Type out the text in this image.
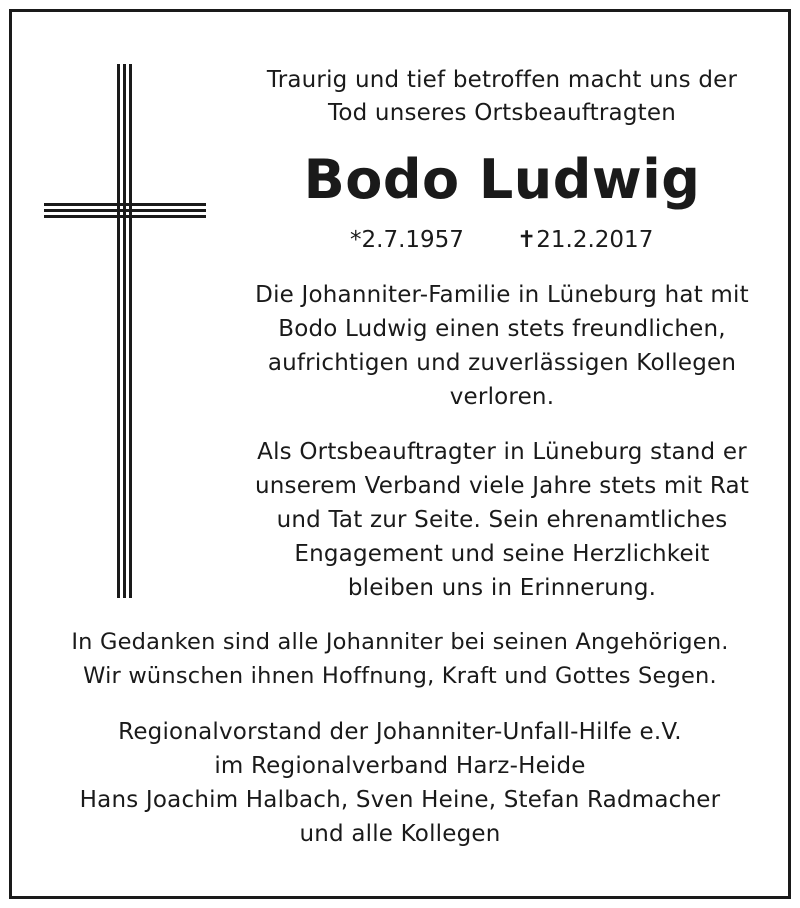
Traurig und tief betroffen macht uns der
Tod unseres Ortsbeauftragten
Bodo Ludwig
*2.7.1957 ✝21.2.2017
Die Johanniter-Familie in Lüneburg hat mit
Bodo Ludwig einen stets freundlichen,
aufrichtigen und zuverlässigen Kollegen
verloren.
Als Ortsbeauftragter in Lüneburg stand er
unserem Verband viele Jahre stets mit Rat
und Tat zur Seite. Sein ehrenamtliches
Engagement und seine Herzlichkeit
bleiben uns in Erinnerung.
In Gedanken sind alle Johanniter bei seinen Angehörigen.
Wir wünschen ihnen Hoffnung, Kraft und Gottes Segen.
Regionalvorstand der Johanniter-Unfall-Hilfe e.V.
im Regionalverband Harz-Heide
Hans Joachim Halbach, Sven Heine, Stefan Radmacher
und alle Kollegen
